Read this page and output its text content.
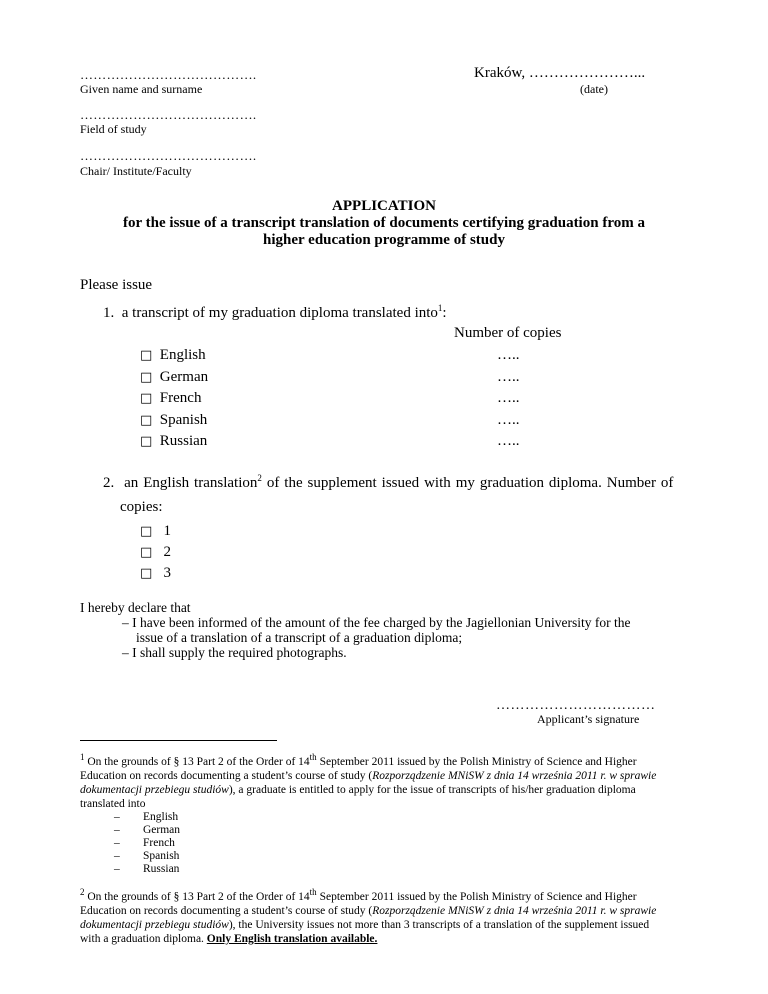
………………………………….
Given name and surname
Kraków, …………………...
(date)
………………………………….
Field of study
………………………………….
Chair/ Institute/Faculty
APPLICATION
for the issue of a transcript translation of documents certifying graduation from a
higher education programme of study
Please issue
1.  a transcript of my graduation diploma translated into$^1$:
Number of copies
□ English	…..
□ German	…..
□ French	…..
□ Spanish	…..
□ Russian	…..
2.  an English translation$^2$ of the supplement issued with my graduation diploma. Number of
copies:
□ 1
□ 2
□ 3
I hereby declare that
– I have been informed of the amount of the fee charged by the Jagiellonian University for the
issue of a translation of a transcript of a graduation diploma;
– I shall supply the required photographs.
……………………………
Applicant’s signature
$^1$ On the grounds of § 13 Part 2 of the Order of 14th September 2011 issued by the Polish Ministry of Science and Higher
Education on records documenting a student’s course of study (Rozporządzenie MNiSW z dnia 14 września 2011 r. w sprawie
dokumentacji przebiegu studiów), a graduate is entitled to apply for the issue of transcripts of his/her graduation diploma
translated into
– English
– German
– French
– Spanish
– Russian
$^2$ On the grounds of § 13 Part 2 of the Order of 14th September 2011 issued by the Polish Ministry of Science and Higher
Education on records documenting a student’s course of study (Rozporządzenie MNiSW z dnia 14 września 2011 r. w sprawie
dokumentacji przebiegu studiów), the University issues not more than 3 transcripts of a translation of the supplement issued
with a graduation diploma. Only English translation available.
